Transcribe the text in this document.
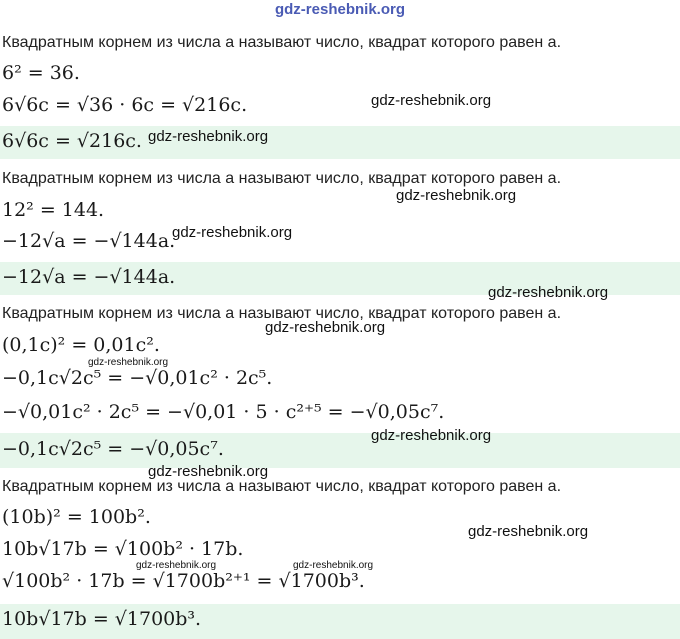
gdz-reshebnik.org
Квадратным корнем из числа а называют число, квадрат которого равен а.
6² = 36.
6√6c = √36 · 6c = √216c.
6√6c = √216c.
Квадратным корнем из числа а называют число, квадрат которого равен а.
12² = 144.
−12√a = −√144a.
−12√a = −√144a.
Квадратным корнем из числа а называют число, квадрат которого равен а.
(0,1c)² = 0,01c².
−0,1c√2c⁵ = −√0,01c² · 2c⁵.
−√0,01c² · 2c⁵ = −√0,01 · 5 · c²⁺⁵ = −√0,05c⁷.
−0,1c√2c⁵ = −√0,05c⁷.
Квадратным корнем из числа а называют число, квадрат которого равен а.
(10b)² = 100b².
10b√17b = √100b² · 17b.
√100b² · 17b = √1700b²⁺¹ = √1700b³.
10b√17b = √1700b³.
gdz-reshebnik.org
gdz-reshebnik.org
gdz-reshebnik.org
gdz-reshebnik.org
gdz-reshebnik.org
gdz-reshebnik.org
gdz-reshebnik.org
gdz-reshebnik.org
gdz-reshebnik.org
gdz-reshebnik.org
gdz-reshebnik.org	gdz-reshebnik.org
